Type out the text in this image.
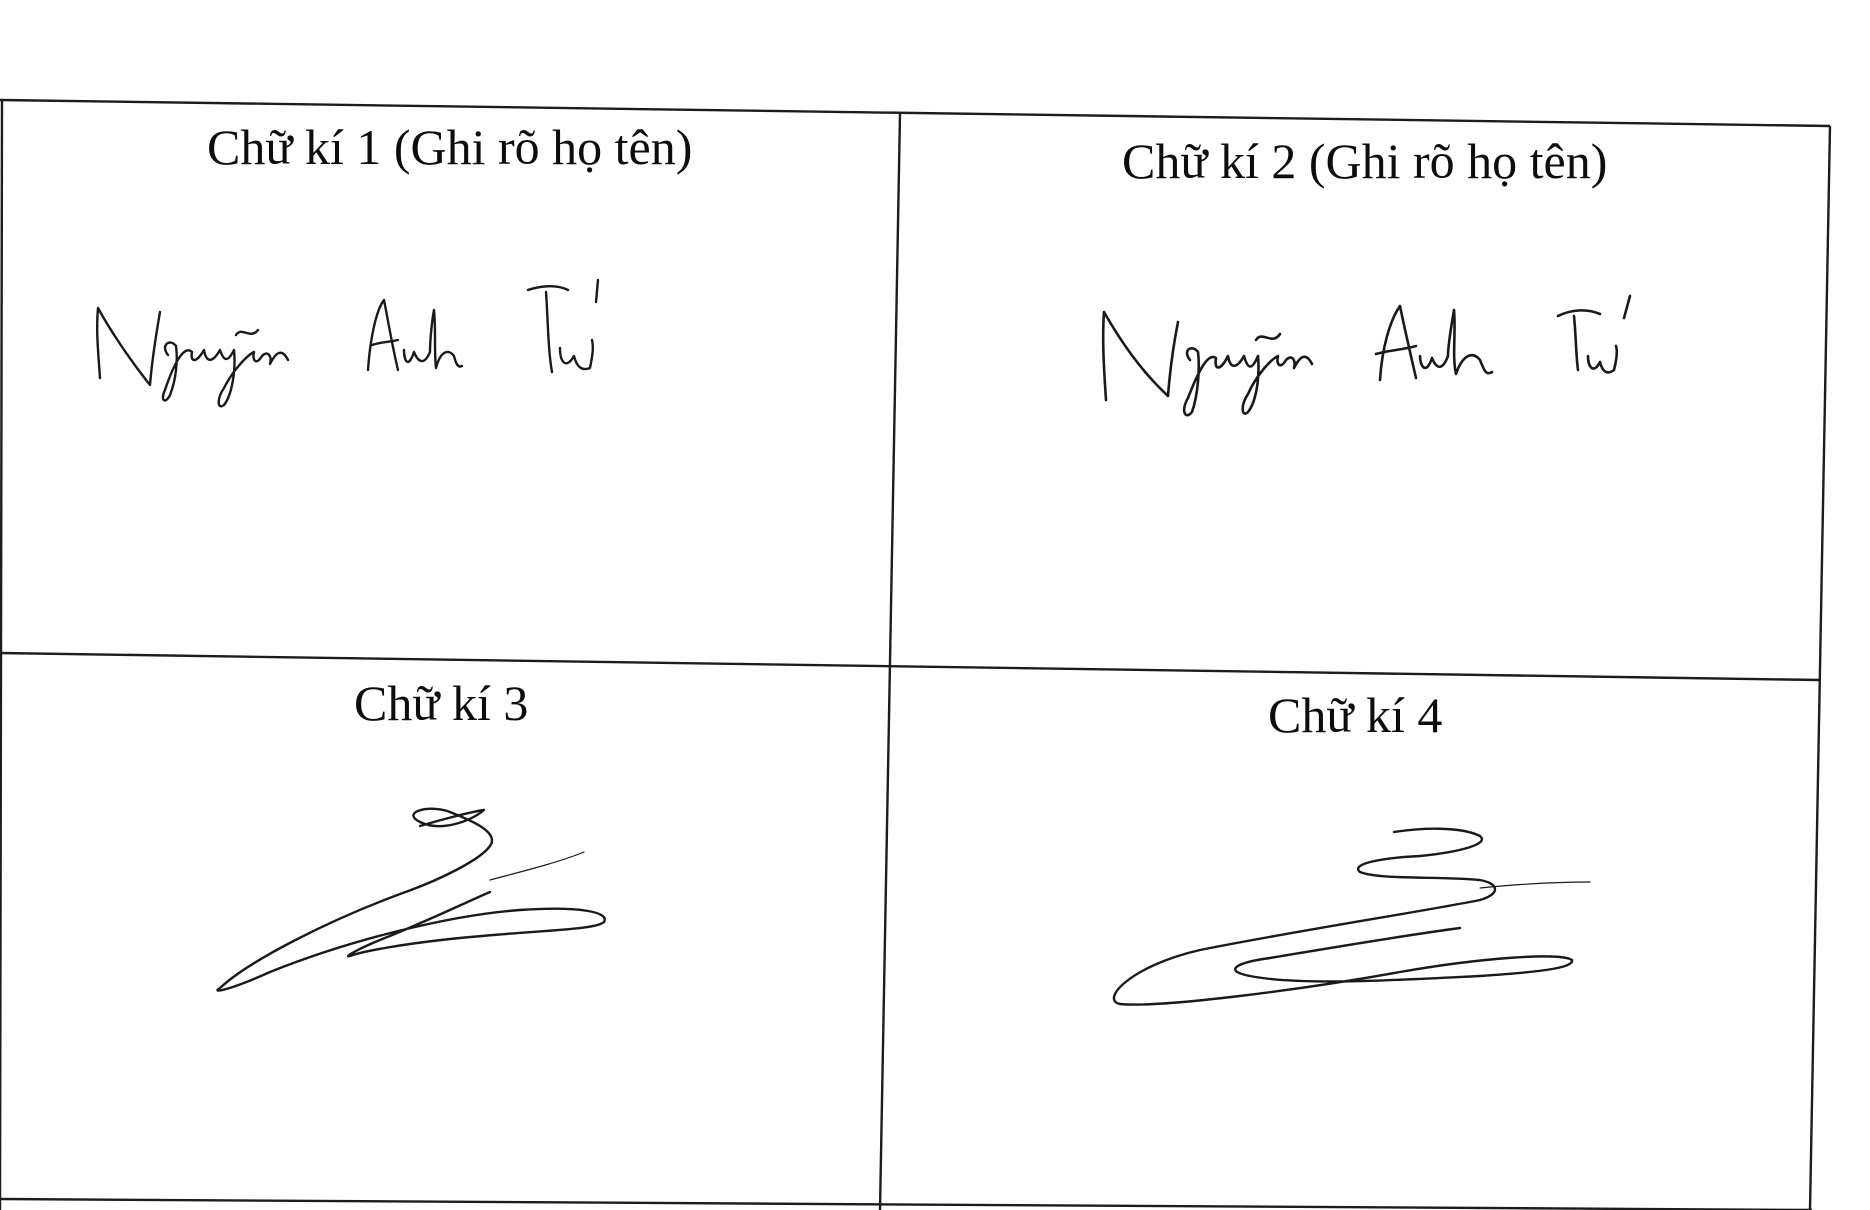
Chữ kí 1 (Ghi rõ họ tên)	Chữ kí 2 (Ghi rõ họ tên)
Chữ kí 3	Chữ kí 4
